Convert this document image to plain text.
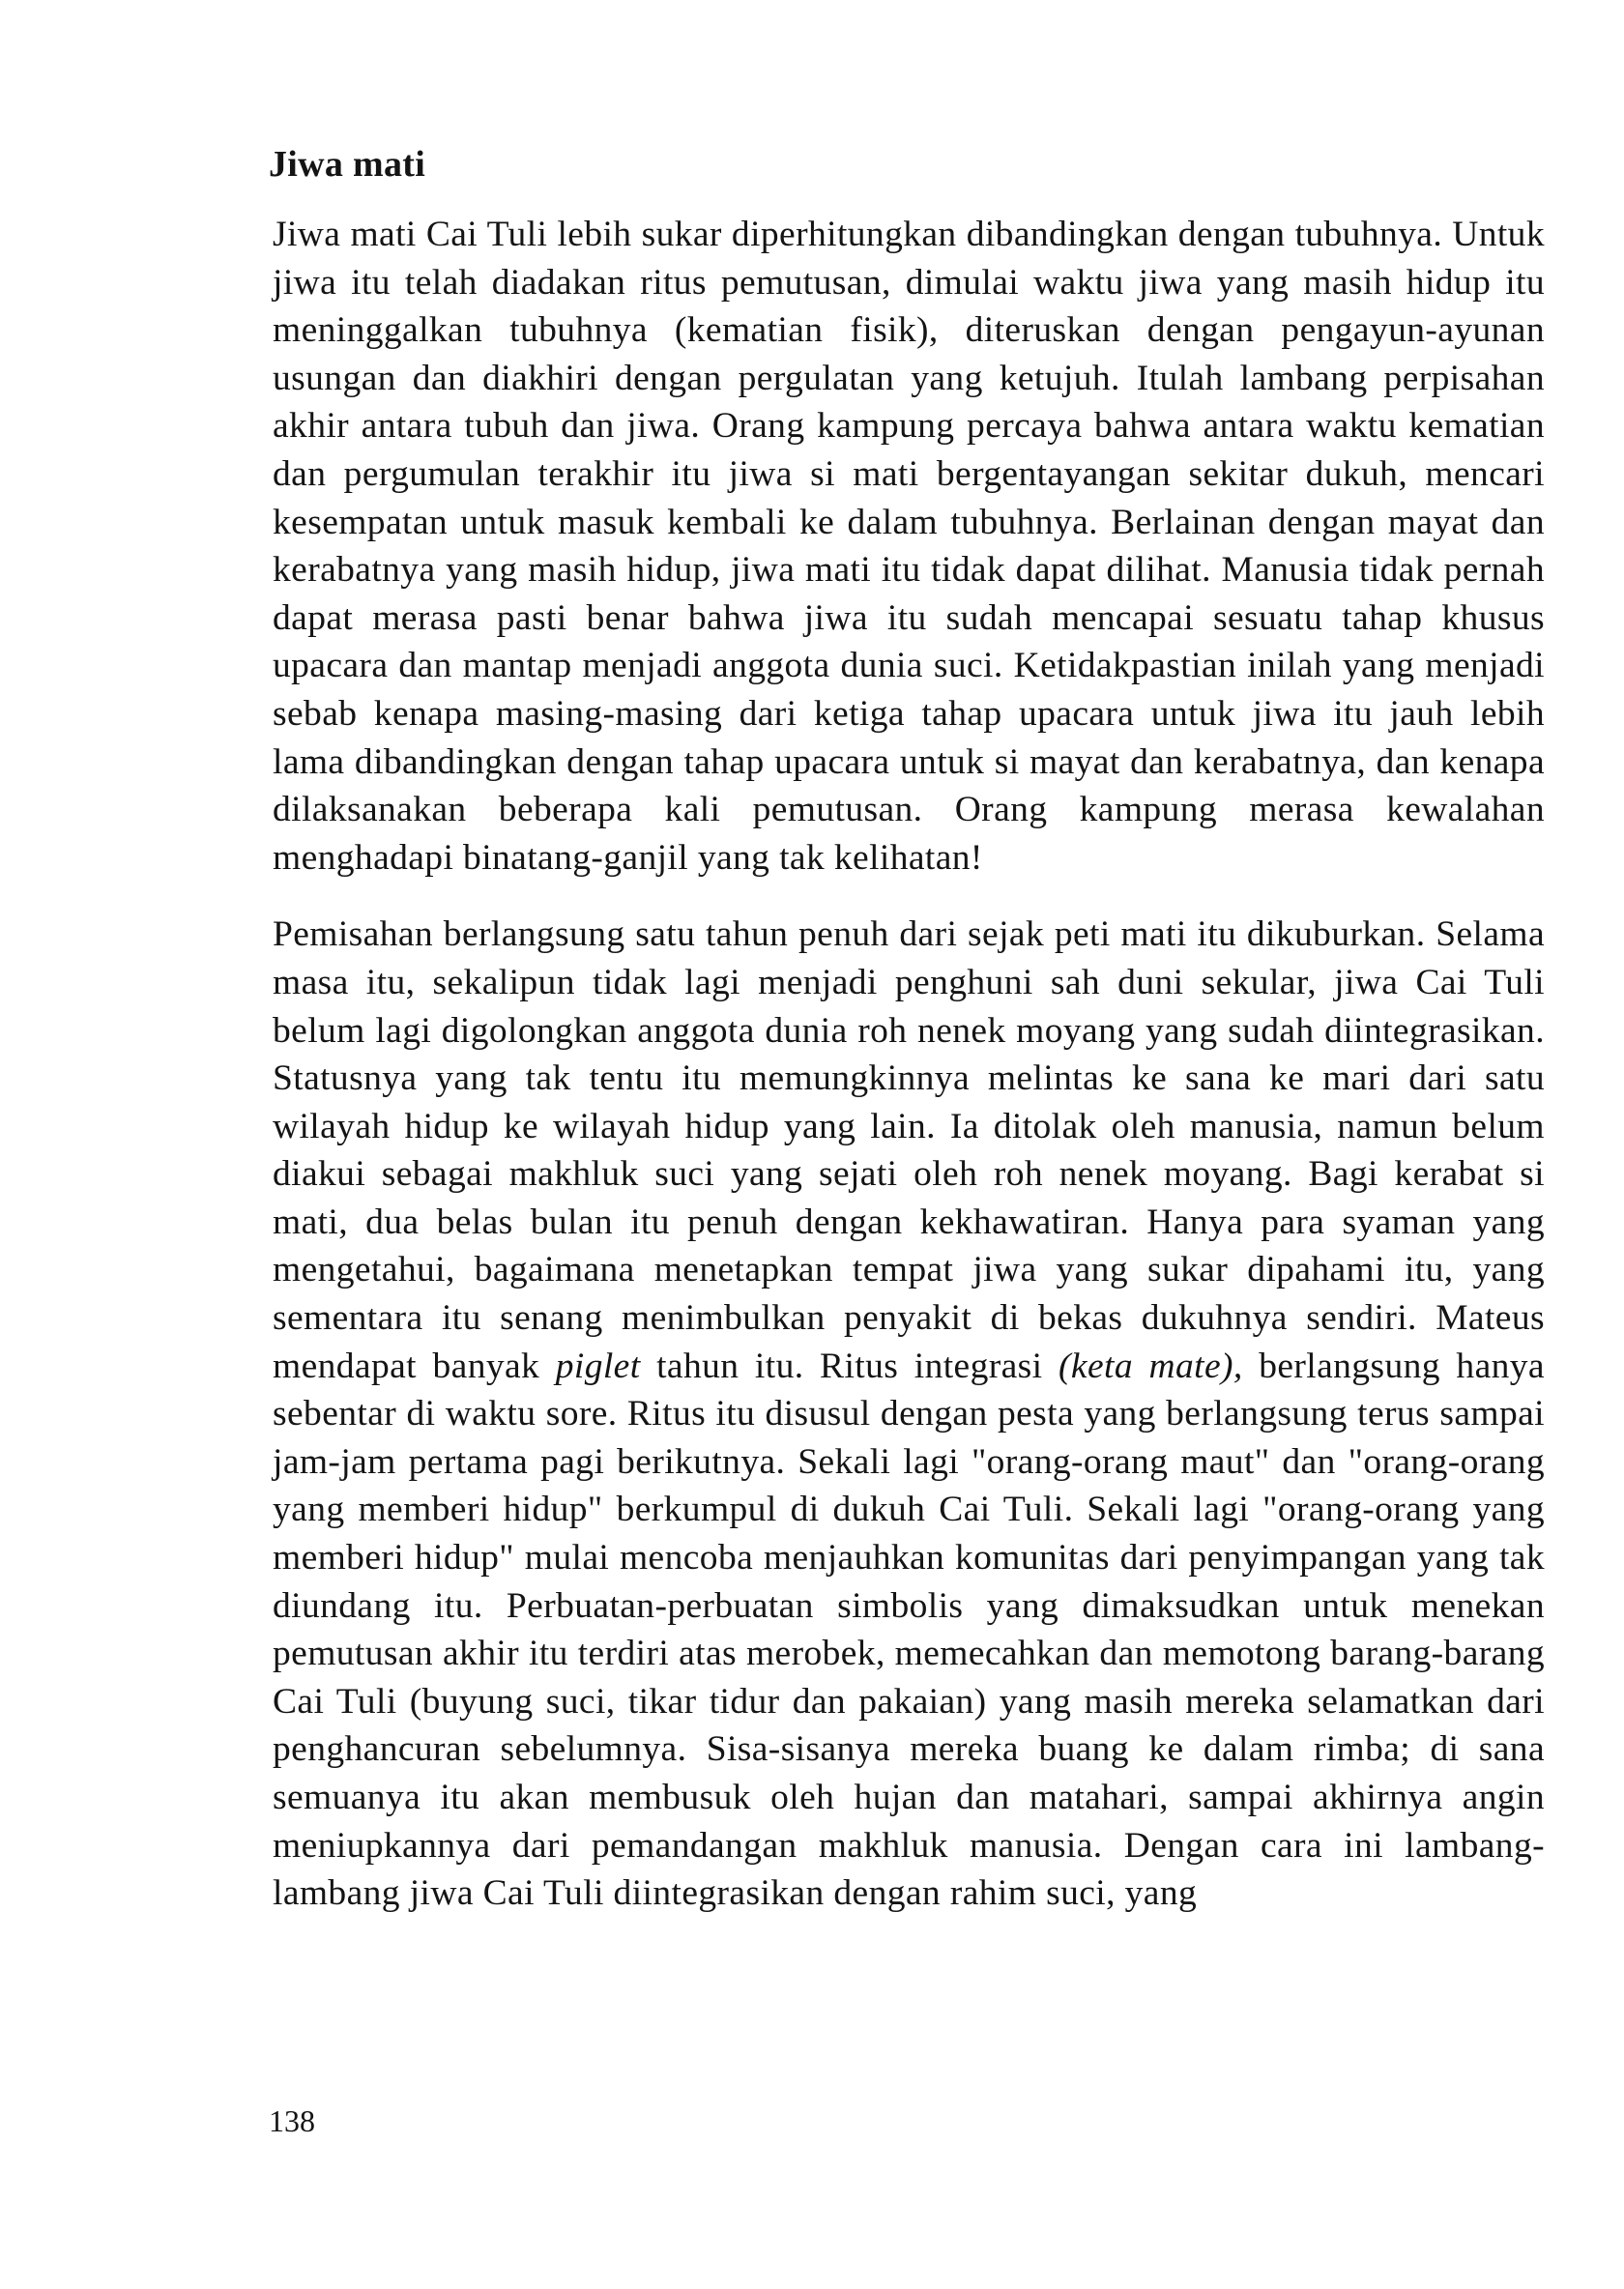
Jiwa mati

Jiwa mati Cai Tuli lebih sukar diperhitungkan dibandingkan dengan tubuhnya. Untuk jiwa itu telah diadakan ritus pemutusan, dimulai waktu jiwa yang masih hidup itu meninggalkan tubuhnya (kematian fisik), diteruskan dengan pengayun-ayunan usungan dan diakhiri dengan pergulatan yang ketujuh. Itulah lambang perpisahan akhir antara tubuh dan jiwa. Orang kampung percaya bahwa antara waktu kematian dan pergumulan terakhir itu jiwa si mati bergentayangan sekitar dukuh, mencari kesempatan untuk masuk kembali ke dalam tubuhnya. Berlainan dengan mayat dan kerabatnya yang masih hidup, jiwa mati itu tidak dapat dilihat. Manusia tidak pernah dapat merasa pasti benar bahwa jiwa itu sudah mencapai sesuatu tahap khusus upacara dan mantap menjadi anggota dunia suci. Ketidakpastian inilah yang menjadi sebab kenapa masing-masing dari ketiga tahap upacara untuk jiwa itu jauh lebih lama dibandingkan dengan tahap upacara untuk si mayat dan kerabatnya, dan kenapa dilaksanakan beberapa kali pemutusan. Orang kampung merasa kewalahan menghadapi binatang-ganjil yang tak kelihatan!

Pemisahan berlangsung satu tahun penuh dari sejak peti mati itu dikuburkan. Selama masa itu, sekalipun tidak lagi menjadi penghuni sah duni sekular, jiwa Cai Tuli belum lagi digolongkan anggota dunia roh nenek moyang yang sudah diintegrasikan. Statusnya yang tak tentu itu memungkinnya melintas ke sana ke mari dari satu wilayah hidup ke wilayah hidup yang lain. Ia ditolak oleh manusia, namun belum diakui sebagai makhluk suci yang sejati oleh roh nenek moyang. Bagi kerabat si mati, dua belas bulan itu penuh dengan kekhawatiran. Hanya para syaman yang mengetahui, bagaimana menetapkan tempat jiwa yang sukar dipahami itu, yang sementara itu senang menimbulkan penyakit di bekas dukuhnya sendiri. Mateus mendapat banyak piglet tahun itu. Ritus integrasi (keta mate), berlangsung hanya sebentar di waktu sore. Ritus itu disusul dengan pesta yang berlangsung terus sampai jam-jam pertama pagi berikutnya. Sekali lagi "orang-orang maut" dan "orang-orang yang memberi hidup" berkumpul di dukuh Cai Tuli. Sekali lagi "orang-orang yang memberi hidup" mulai mencoba menjauhkan komunitas dari penyimpangan yang tak diundang itu. Perbuatan-perbuatan simbolis yang dimaksudkan untuk menekan pemutusan akhir itu terdiri atas merobek, memecahkan dan memotong barang-barang Cai Tuli (buyung suci, tikar tidur dan pakaian) yang masih mereka selamatkan dari penghancuran sebelumnya. Sisa-sisanya mereka buang ke dalam rimba; di sana semuanya itu akan membusuk oleh hujan dan matahari, sampai akhirnya angin meniupkannya dari pemandangan makhluk manusia. Dengan cara ini lambang-lambang jiwa Cai Tuli diintegrasikan dengan rahim suci, yang

138
